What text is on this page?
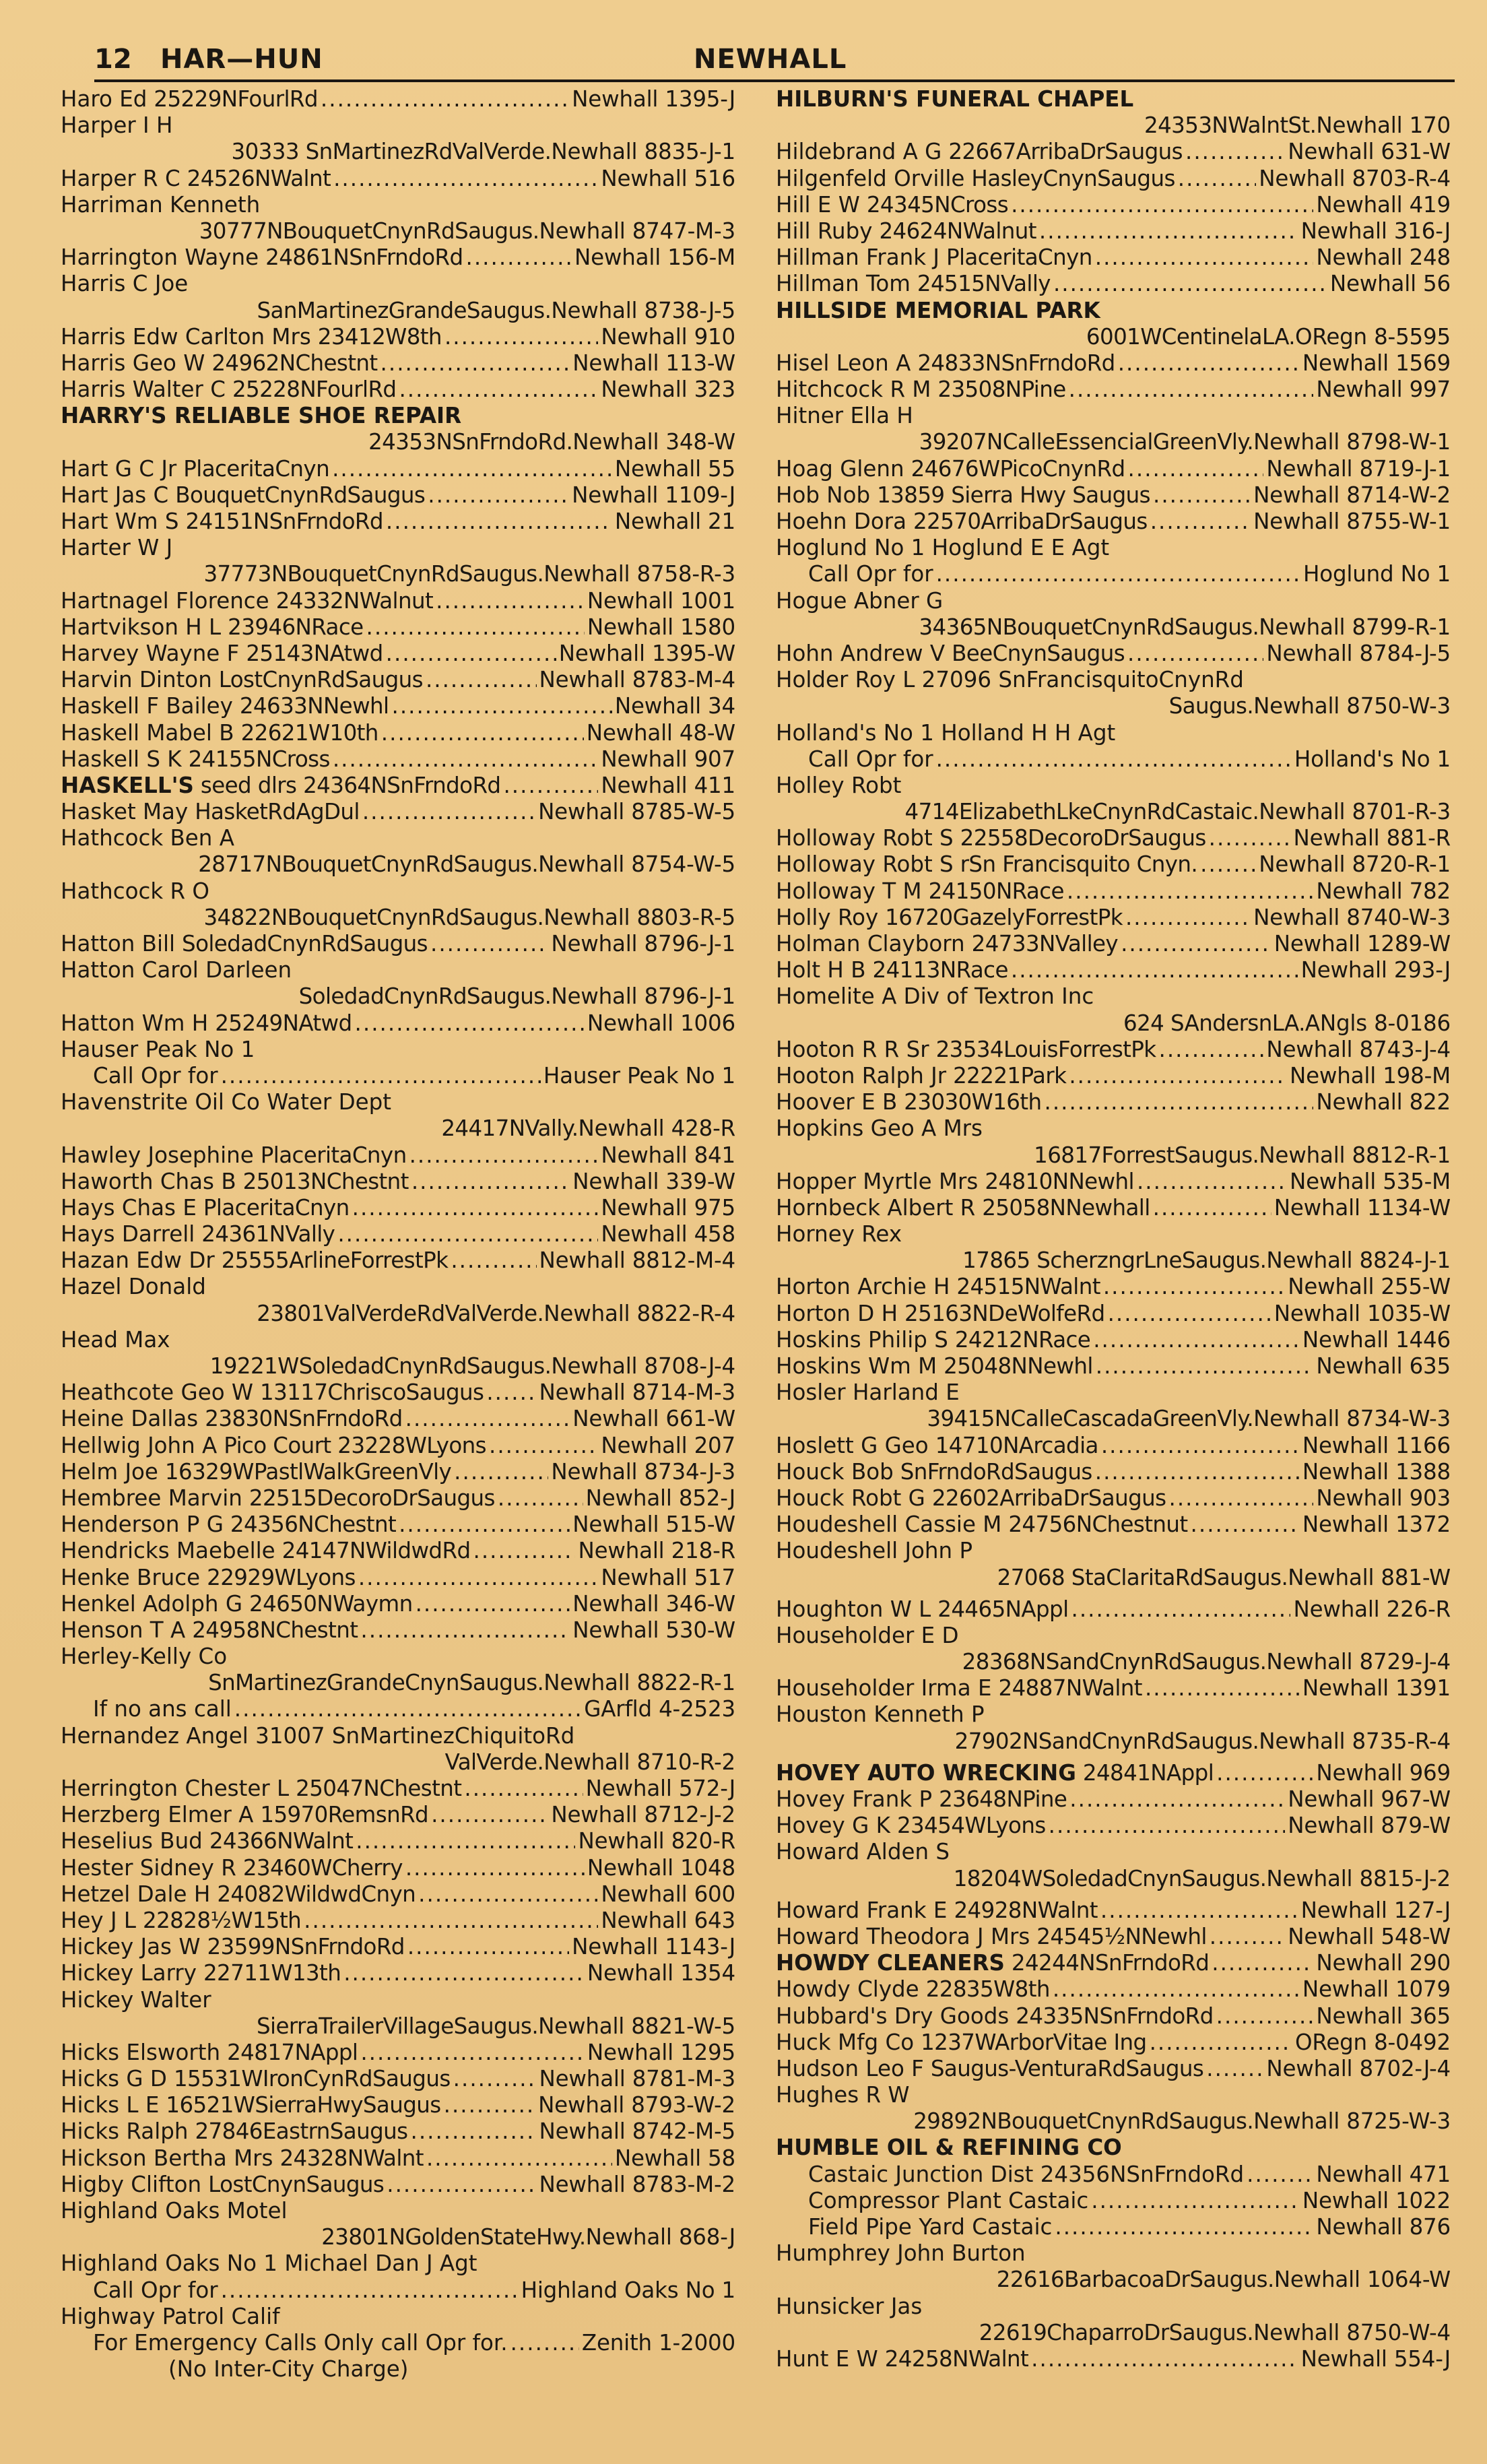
12 HAR—HUN	NEWHALL
Haro Ed 25229NFourlRd .....	Newhall 1395-J
Harper I H
30333 SnMartinezRdValVerde. Newhall 8835-J-1
Harper R C 24526NWalnt .....	Newhall 516
Harriman Kenneth
30777NBouquetCnynRdSaugus. Newhall 8747-M-3
Harrington Wayne 24861NSnFrndoRd .....	Newhall 156-M
Harris C Joe
SanMartinezGrandeSaugus. Newhall 8738-J-5
Harris Edw Carlton Mrs 23412W8th .....	Newhall 910
Harris Geo W 24962NChestnt .....	Newhall 113-W
Harris Walter C 25228NFourlRd .....	Newhall 323
HARRY'S RELIABLE SHOE REPAIR
24353NSnFrndoRd. Newhall 348-W
Hart G C Jr PlaceritaCnyn .....	Newhall 55
Hart Jas C BouquetCnynRdSaugus .....	Newhall 1109-J
Hart Wm S 24151NSnFrndoRd .....	Newhall 21
Harter W J
37773NBouquetCnynRdSaugus. Newhall 8758-R-3
Hartnagel Florence 24332NWalnut .....	Newhall 1001
Hartvikson H L 23946NRace .....	Newhall 1580
Harvey Wayne F 25143NAtwd .....	Newhall 1395-W
Harvin Dinton LostCnynRdSaugus .....	Newhall 8783-M-4
Haskell F Bailey 24633NNewhl .....	Newhall 34
Haskell Mabel B 22621W10th .....	Newhall 48-W
Haskell S K 24155NCross .....	Newhall 907
HASKELL'S seed dlrs 24364NSnFrndoRd .....	Newhall 411
Hasket May HasketRdAgDul .....	Newhall 8785-W-5
Hathcock Ben A
28717NBouquetCnynRdSaugus. Newhall 8754-W-5
Hathcock R O
34822NBouquetCnynRdSaugus. Newhall 8803-R-5
Hatton Bill SoledadCnynRdSaugus .....	Newhall 8796-J-1
Hatton Carol Darleen
SoledadCnynRdSaugus. Newhall 8796-J-1
Hatton Wm H 25249NAtwd .....	Newhall 1006
Hauser Peak No 1
Call Opr for .....	Hauser Peak No 1
Havenstrite Oil Co Water Dept
24417NVally. Newhall 428-R
Hawley Josephine PlaceritaCnyn .....	Newhall 841
Haworth Chas B 25013NChestnt .....	Newhall 339-W
Hays Chas E PlaceritaCnyn .....	Newhall 975
Hays Darrell 24361NVally .....	Newhall 458
Hazan Edw Dr 25555ArlineForrestPk .....	Newhall 8812-M-4
Hazel Donald
23801ValVerdeRdValVerde. Newhall 8822-R-4
Head Max
19221WSoledadCnynRdSaugus. Newhall 8708-J-4
Heathcote Geo W 13117ChriscoSaugus .....	Newhall 8714-M-3
Heine Dallas 23830NSnFrndoRd .....	Newhall 661-W
Hellwig John A Pico Court 23228WLyons .....	Newhall 207
Helm Joe 16329WPastlWalkGreenVly .....	Newhall 8734-J-3
Hembree Marvin 22515DecoroDrSaugus .....	Newhall 852-J
Henderson P G 24356NChestnt .....	Newhall 515-W
Hendricks Maebelle 24147NWildwdRd .....	Newhall 218-R
Henke Bruce 22929WLyons .....	Newhall 517
Henkel Adolph G 24650NWaymn .....	Newhall 346-W
Henson T A 24958NChestnt .....	Newhall 530-W
Herley-Kelly Co
SnMartinezGrandeCnynSaugus. Newhall 8822-R-1
If no ans call .....	GArfld 4-2523
Hernandez Angel 31007 SnMartinezChiquitoRd
ValVerde. Newhall 8710-R-2
Herrington Chester L 25047NChestnt .....	Newhall 572-J
Herzberg Elmer A 15970RemsnRd .....	Newhall 8712-J-2
Heselius Bud 24366NWalnt .....	Newhall 820-R
Hester Sidney R 23460WCherry .....	Newhall 1048
Hetzel Dale H 24082WildwdCnyn .....	Newhall 600
Hey J L 22828½W15th .....	Newhall 643
Hickey Jas W 23599NSnFrndoRd .....	Newhall 1143-J
Hickey Larry 22711W13th .....	Newhall 1354
Hickey Walter
SierraTrailerVillageSaugus. Newhall 8821-W-5
Hicks Elsworth 24817NAppl .....	Newhall 1295
Hicks G D 15531WIronCynRdSaugus .....	Newhall 8781-M-3
Hicks L E 16521WSierraHwySaugus .....	Newhall 8793-W-2
Hicks Ralph 27846EastrnSaugus .....	Newhall 8742-M-5
Hickson Bertha Mrs 24328NWalnt .....	Newhall 58
Higby Clifton LostCnynSaugus .....	Newhall 8783-M-2
Highland Oaks Motel
23801NGoldenStateHwy. Newhall 868-J
Highland Oaks No 1 Michael Dan J Agt
Call Opr for .....	Highland Oaks No 1
Highway Patrol Calif
For Emergency Calls Only call Opr for. .....	Zenith 1-2000
(No Inter-City Charge)
HILBURN'S FUNERAL CHAPEL
24353NWalntSt. Newhall 170
Hildebrand A G 22667ArribaDrSaugus .....	Newhall 631-W
Hilgenfeld Orville HasleyCnynSaugus .....	Newhall 8703-R-4
Hill E W 24345NCross .....	Newhall 419
Hill Ruby 24624NWalnut .....	Newhall 316-J
Hillman Frank J PlaceritaCnyn .....	Newhall 248
Hillman Tom 24515NVally .....	Newhall 56
HILLSIDE MEMORIAL PARK
6001WCentinelaLA. ORegn 8-5595
Hisel Leon A 24833NSnFrndoRd .....	Newhall 1569
Hitchcock R M 23508NPine .....	Newhall 997
Hitner Ella H
39207NCalleEssencialGreenVly. Newhall 8798-W-1
Hoag Glenn 24676WPicoCnynRd .....	Newhall 8719-J-1
Hob Nob 13859 Sierra Hwy Saugus .....	Newhall 8714-W-2
Hoehn Dora 22570ArribaDrSaugus .....	Newhall 8755-W-1
Hoglund No 1 Hoglund E E Agt
Call Opr for .....	Hoglund No 1
Hogue Abner G
34365NBouquetCnynRdSaugus. Newhall 8799-R-1
Hohn Andrew V BeeCnynSaugus .....	Newhall 8784-J-5
Holder Roy L 27096 SnFrancisquitoCnynRd
Saugus. Newhall 8750-W-3
Holland's No 1 Holland H H Agt
Call Opr for .....	Holland's No 1
Holley Robt
4714ElizabethLkeCnynRdCastaic. Newhall 8701-R-3
Holloway Robt S 22558DecoroDrSaugus .....	Newhall 881-R
Holloway Robt S rSn Francisquito Cnyn. .....	Newhall 8720-R-1
Holloway T M 24150NRace .....	Newhall 782
Holly Roy 16720GazelyForrestPk .....	Newhall 8740-W-3
Holman Clayborn 24733NValley .....	Newhall 1289-W
Holt H B 24113NRace .....	Newhall 293-J
Homelite A Div of Textron Inc
624 SAndersnLA. ANgls 8-0186
Hooton R R Sr 23534LouisForrestPk .....	Newhall 8743-J-4
Hooton Ralph Jr 22221Park .....	Newhall 198-M
Hoover E B 23030W16th .....	Newhall 822
Hopkins Geo A Mrs
16817ForrestSaugus. Newhall 8812-R-1
Hopper Myrtle Mrs 24810NNewhl .....	Newhall 535-M
Hornbeck Albert R 25058NNewhall .....	Newhall 1134-W
Horney Rex
17865 ScherzngrLneSaugus. Newhall 8824-J-1
Horton Archie H 24515NWalnt .....	Newhall 255-W
Horton D H 25163NDeWolfeRd .....	Newhall 1035-W
Hoskins Philip S 24212NRace .....	Newhall 1446
Hoskins Wm M 25048NNewhl .....	Newhall 635
Hosler Harland E
39415NCalleCascadaGreenVly. Newhall 8734-W-3
Hoslett G Geo 14710NArcadia .....	Newhall 1166
Houck Bob SnFrndoRdSaugus .....	Newhall 1388
Houck Robt G 22602ArribaDrSaugus .....	Newhall 903
Houdeshell Cassie M 24756NChestnut .....	Newhall 1372
Houdeshell John P
27068 StaClaritaRdSaugus. Newhall 881-W
Houghton W L 24465NAppl .....	Newhall 226-R
Householder E D
28368NSandCnynRdSaugus. Newhall 8729-J-4
Householder Irma E 24887NWalnt .....	Newhall 1391
Houston Kenneth P
27902NSandCnynRdSaugus. Newhall 8735-R-4
HOVEY AUTO WRECKING 24841NAppl .....	Newhall 969
Hovey Frank P 23648NPine .....	Newhall 967-W
Hovey G K 23454WLyons .....	Newhall 879-W
Howard Alden S
18204WSoledadCnynSaugus. Newhall 8815-J-2
Howard Frank E 24928NWalnt .....	Newhall 127-J
Howard Theodora J Mrs 24545½NNewhl .....	Newhall 548-W
HOWDY CLEANERS 24244NSnFrndoRd .....	Newhall 290
Howdy Clyde 22835W8th .....	Newhall 1079
Hubbard's Dry Goods 24335NSnFrndoRd .....	Newhall 365
Huck Mfg Co 1237WArborVitae Ing .....	ORegn 8-0492
Hudson Leo F Saugus-VenturaRdSaugus .....	Newhall 8702-J-4
Hughes R W
29892NBouquetCnynRdSaugus. Newhall 8725-W-3
HUMBLE OIL & REFINING CO
Castaic Junction Dist 24356NSnFrndoRd .....	Newhall 471
Compressor Plant Castaic .....	Newhall 1022
Field Pipe Yard Castaic .....	Newhall 876
Humphrey John Burton
22616BarbacoaDrSaugus. Newhall 1064-W
Hunsicker Jas
22619ChaparroDrSaugus. Newhall 8750-W-4
Hunt E W 24258NWalnt .....	Newhall 554-J
